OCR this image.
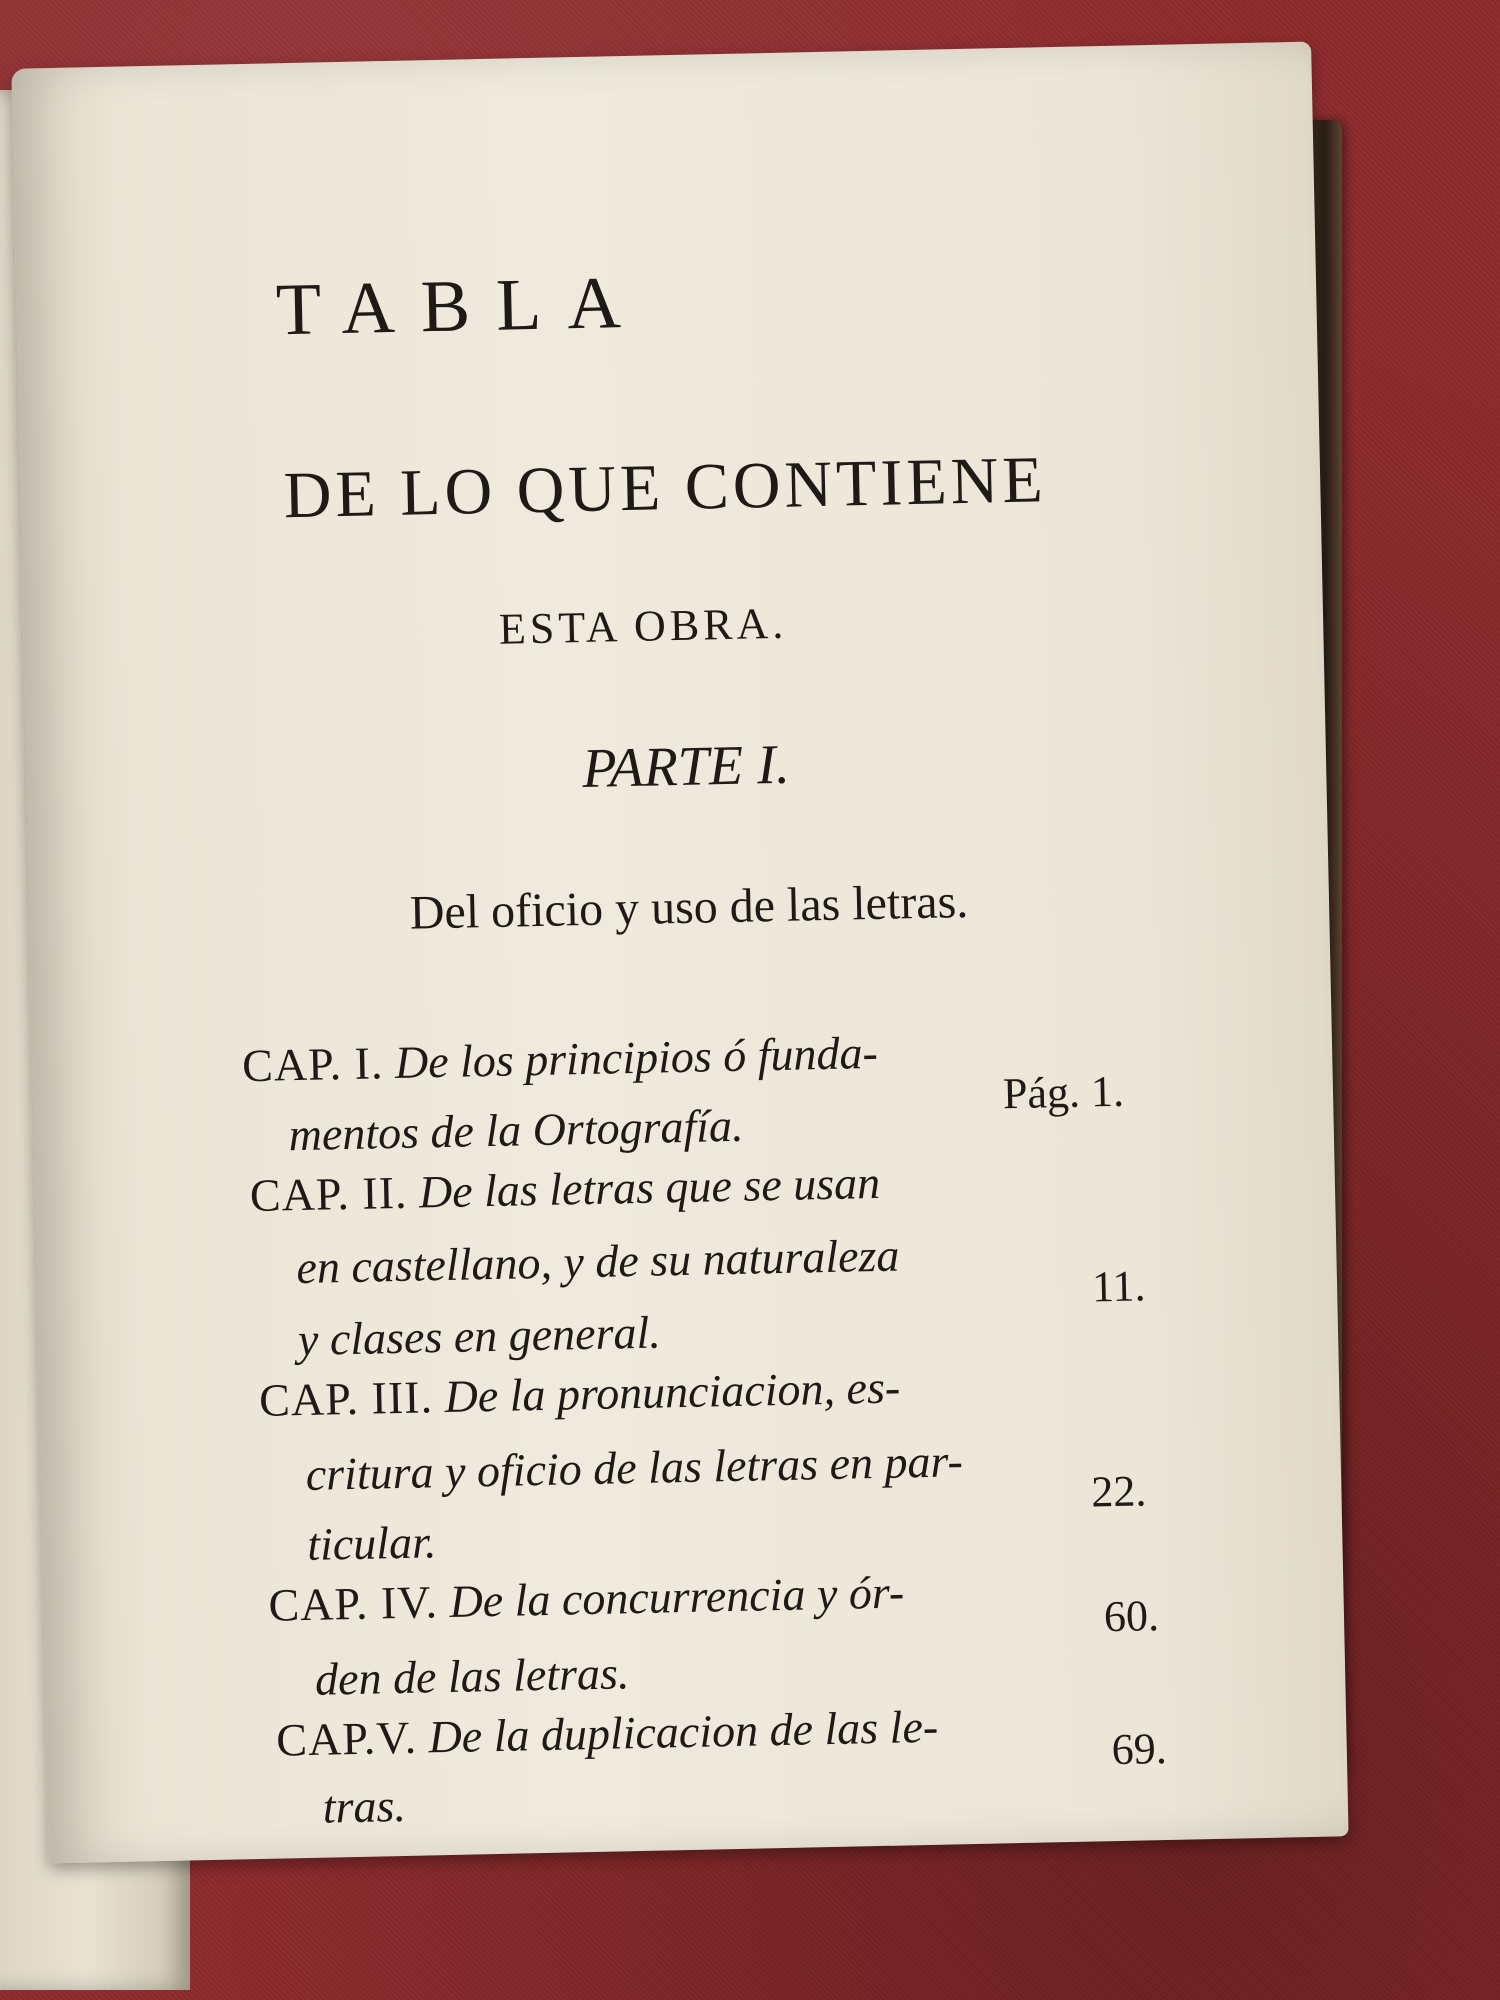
TABLA
DE LO QUE CONTIENE
ESTA OBRA.
PARTE I.
Del oficio y uso de las letras.
CAP. I. De los principios ó funda-
mentos de la Ortografía.
Pág. 1.
CAP. II. De las letras que se usan
en castellano, y de su naturaleza
y clases en general.
11.
CAP. III. De la pronunciacion, es-
critura y oficio de las letras en par-
ticular.
22.
CAP. IV. De la concurrencia y ór-
den de las letras.
60.
CAP.V. De la duplicacion de las le-
tras.
69.
